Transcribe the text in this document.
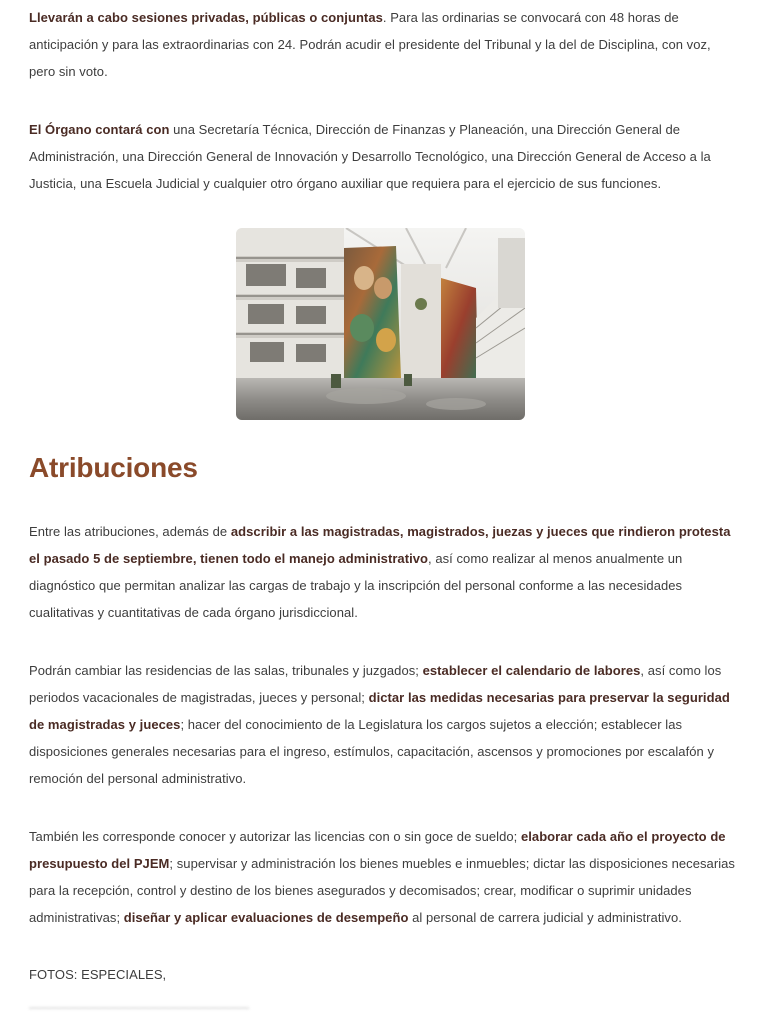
Llevarán a cabo sesiones privadas, públicas o conjuntas. Para las ordinarias se convocará con 48 horas de anticipación y para las extraordinarias con 24. Podrán acudir el presidente del Tribunal y la del de Disciplina, con voz, pero sin voto.

El Órgano contará con una Secretaría Técnica, Dirección de Finanzas y Planeación, una Dirección General de Administración, una Dirección General de Innovación y Desarrollo Tecnológico, una Dirección General de Acceso a la Justicia, una Escuela Judicial y cualquier otro órgano auxiliar que requiera para el ejercicio de sus funciones.

Atribuciones

Entre las atribuciones, además de adscribir a las magistradas, magistrados, juezas y jueces que rindieron protesta el pasado 5 de septiembre, tienen todo el manejo administrativo, así como realizar al menos anualmente un diagnóstico que permitan analizar las cargas de trabajo y la inscripción del personal conforme a las necesidades cualitativas y cuantitativas de cada órgano jurisdiccional.

Podrán cambiar las residencias de las salas, tribunales y juzgados; establecer el calendario de labores, así como los periodos vacacionales de magistradas, jueces y personal; dictar las medidas necesarias para preservar la seguridad de magistradas y jueces; hacer del conocimiento de la Legislatura los cargos sujetos a elección; establecer las disposiciones generales necesarias para el ingreso, estímulos, capacitación, ascensos y promociones por escalafón y remoción del personal administrativo.

También les corresponde conocer y autorizar las licencias con o sin goce de sueldo; elaborar cada año el proyecto de presupuesto del PJEM; supervisar y administración los bienes muebles e inmuebles; dictar las disposiciones necesarias para la recepción, control y destino de los bienes asegurados y decomisados; crear, modificar o suprimir unidades administrativas; diseñar y aplicar evaluaciones de desempeño al personal de carrera judicial y administrativo.

FOTOS: ESPECIALES,

▁▁▁▁▁▁▁▁▁▁▁▁▁▁▁▁▁▁▁▁▁▁
